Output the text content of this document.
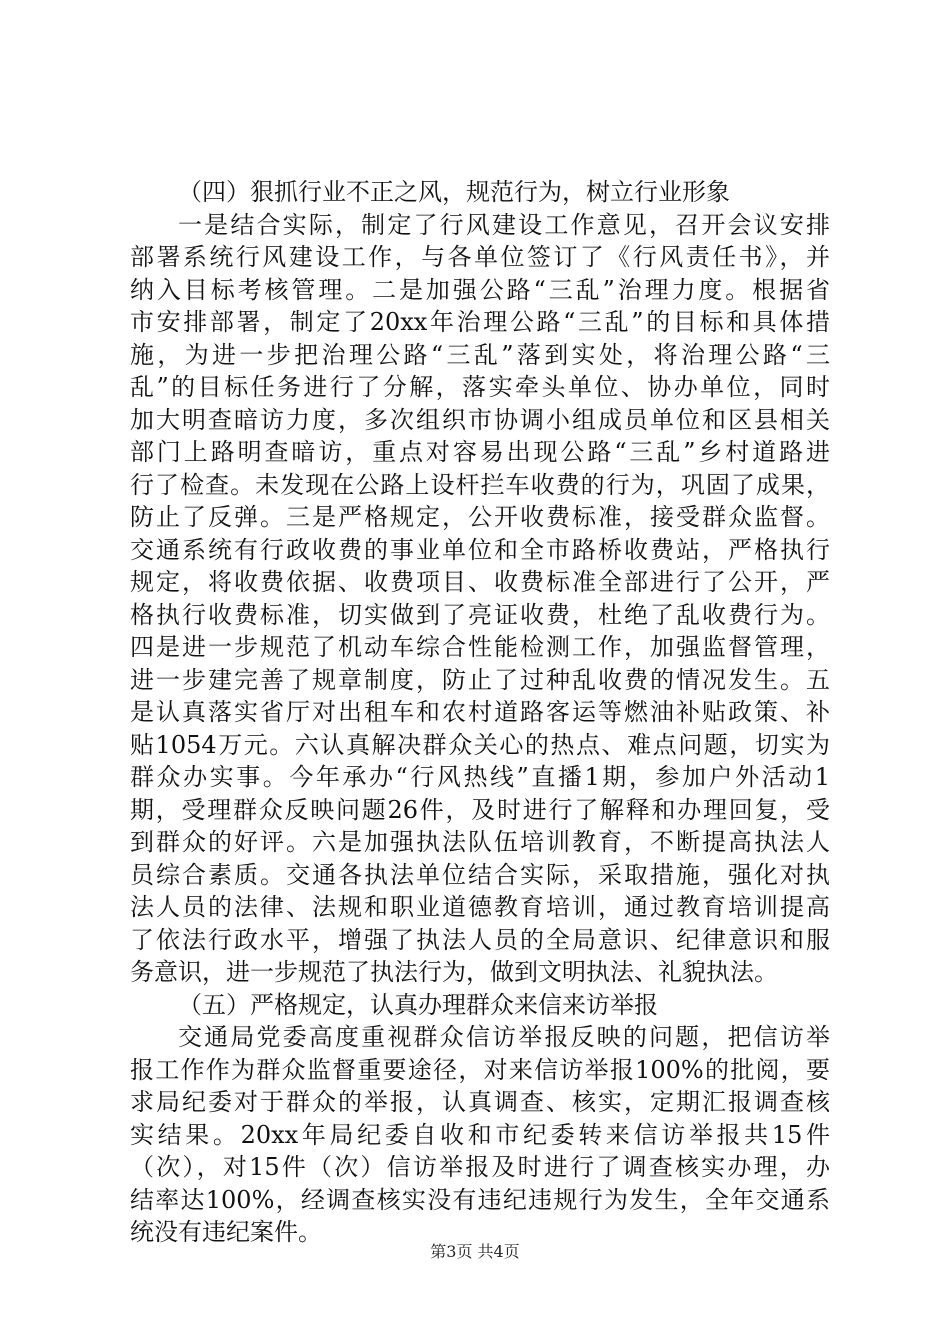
（四）狠抓行业不正之风，规范行为，树立行业形象
一是结合实际，制定了行风建设工作意见，召开会议安排
部署系统行风建设工作，与各单位签订了《行风责任书》，并
纳入目标考核管理。二是加强公路“三乱”治理力度。根据省
市安排部署，制定了20xx年治理公路“三乱”的目标和具体措
施，为进一步把治理公路“三乱”落到实处，将治理公路“三
乱”的目标任务进行了分解，落实牵头单位、协办单位，同时
加大明查暗访力度，多次组织市协调小组成员单位和区县相关
部门上路明查暗访，重点对容易出现公路“三乱”乡村道路进
行了检查。未发现在公路上设杆拦车收费的行为，巩固了成果，
防止了反弹。三是严格规定，公开收费标准，接受群众监督。
交通系统有行政收费的事业单位和全市路桥收费站，严格执行
规定，将收费依据、收费项目、收费标准全部进行了公开，严
格执行收费标准，切实做到了亮证收费，杜绝了乱收费行为。
四是进一步规范了机动车综合性能检测工作，加强监督管理，
进一步建完善了规章制度，防止了过种乱收费的情况发生。五
是认真落实省厅对出租车和农村道路客运等燃油补贴政策、补
贴1054万元。六认真解决群众关心的热点、难点问题，切实为
群众办实事。今年承办“行风热线”直播1期，参加户外活动1
期，受理群众反映问题26件，及时进行了解释和办理回复，受
到群众的好评。六是加强执法队伍培训教育，不断提高执法人
员综合素质。交通各执法单位结合实际，采取措施，强化对执
法人员的法律、法规和职业道德教育培训，通过教育培训提高
了依法行政水平，增强了执法人员的全局意识、纪律意识和服
务意识，进一步规范了执法行为，做到文明执法、礼貌执法。
（五）严格规定，认真办理群众来信来访举报
交通局党委高度重视群众信访举报反映的问题，把信访举
报工作作为群众监督重要途径，对来信访举报100%的批阅，要
求局纪委对于群众的举报，认真调查、核实，定期汇报调查核
实结果。20xx年局纪委自收和市纪委转来信访举报共15件
（次），对15件（次）信访举报及时进行了调查核实办理，办
结率达100%，经调查核实没有违纪违规行为发生，全年交通系
统没有违纪案件。
第3页 共4页
